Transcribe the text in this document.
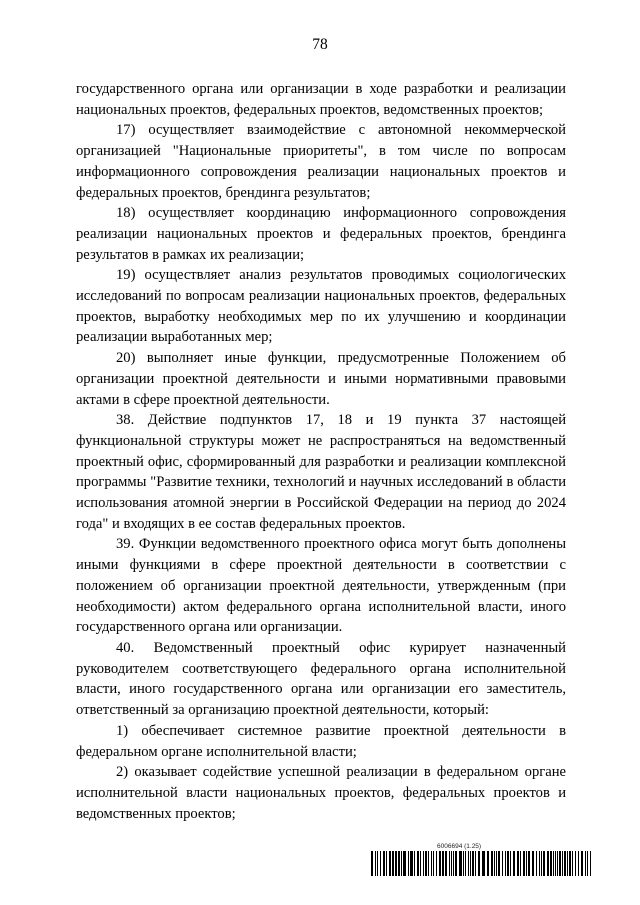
78

государственного органа или организации в ходе разработки и реализации национальных проектов, федеральных проектов, ведомственных проектов;

17) осуществляет взаимодействие с автономной некоммерческой организацией "Национальные приоритеты", в том числе по вопросам информационного сопровождения реализации национальных проектов и федеральных проектов, брендинга результатов;

18) осуществляет координацию информационного сопровождения реализации национальных проектов и федеральных проектов, брендинга результатов в рамках их реализации;

19) осуществляет анализ результатов проводимых социологических исследований по вопросам реализации национальных проектов, федеральных проектов, выработку необходимых мер по их улучшению и координации реализации выработанных мер;

20) выполняет иные функции, предусмотренные Положением об организации проектной деятельности и иными нормативными правовыми актами в сфере проектной деятельности.

38. Действие подпунктов 17, 18 и 19 пункта 37 настоящей функциональной структуры может не распространяться на ведомственный проектный офис, сформированный для разработки и реализации комплексной программы "Развитие техники, технологий и научных исследований в области использования атомной энергии в Российской Федерации на период до 2024 года" и входящих в ее состав федеральных проектов.

39. Функции ведомственного проектного офиса могут быть дополнены иными функциями в сфере проектной деятельности в соответствии с положением об организации проектной деятельности, утвержденным (при необходимости) актом федерального органа исполнительной власти, иного государственного органа или организации.

40. Ведомственный проектный офис курирует назначенный руководителем соответствующего федерального органа исполнительной власти, иного государственного органа или организации его заместитель, ответственный за организацию проектной деятельности, который:

1) обеспечивает системное развитие проектной деятельности в федеральном органе исполнительной власти;

2) оказывает содействие успешной реализации в федеральном органе исполнительной власти национальных проектов, федеральных проектов и ведомственных проектов;

6006694 (1.25)
